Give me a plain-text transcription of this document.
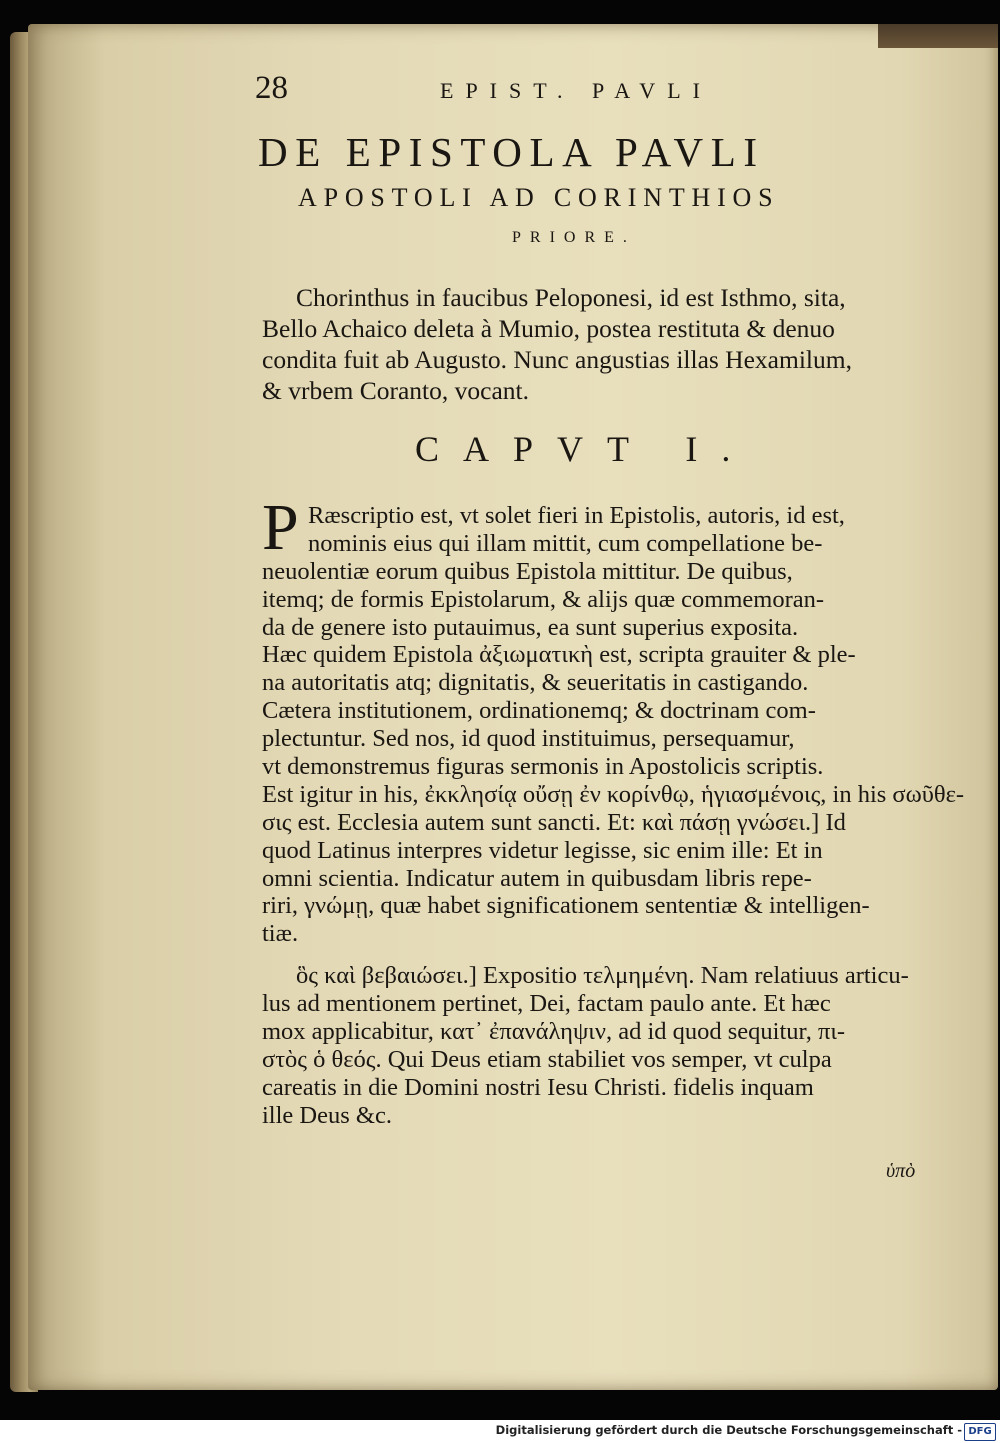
28	EPIST. PAVLI
DE EPISTOLA PAVLI
APOSTOLI AD CORINTHIOS
PRIORE.
Chorinthus in faucibus Peloponesi, id est Isthmo, sita,
Bello Achaico deleta à Mumio, postea restituta & denuo
condita fuit ab Augusto. Nunc angustias illas Hexamilum,
& vrbem Coranto, vocant.
CAPVT I.
P Ræscriptio est, vt solet fieri in Epistolis, autoris, id est,
nominis eius qui illam mittit, cum compellatione be-
neuolentiæ eorum quibus Epistola mittitur. De quibus,
itemq; de formis Epistolarum, & alijs quæ commemoran-
da de genere isto putauimus, ea sunt superius exposita.
Hæc quidem Epistola ἀξιωματικὴ est, scripta grauiter & ple-
na autoritatis atq; dignitatis, & seueritatis in castigando.
Cætera institutionem, ordinationemq; & doctrinam com-
plectuntur. Sed nos, id quod instituimus, persequamur,
vt demonstremus figuras sermonis in Apostolicis scriptis.
Est igitur in his, ἐκκλησίᾳ οὔσῃ ἐν κορίνθῳ, ἡγιασμένοις, in his σωῦθε-
σις est. Ecclesia autem sunt sancti. Et: καὶ πάσῃ γνώσει.] Id
quod Latinus interpres videtur legisse, sic enim ille: Et in
omni scientia. Indicatur autem in quibusdam libris repe-
riri, γνώμῃ, quæ habet significationem sententiæ & intelligen-
tiæ.
ὃς καὶ βεβαιώσει.] Expositio τελμημένη. Nam relatiuus articu-
lus ad mentionem pertinet, Dei, factam paulo ante. Et hæc
mox applicabitur, κατ᾽ ἐπανάληψιν, ad id quod sequitur, πι-
στὸς ὁ θεός. Qui Deus etiam stabiliet vos semper, vt culpa
careatis in die Domini nostri Iesu Christi. fidelis inquam
ille Deus &c.
ὑπὸ
Digitalisierung gefördert durch die Deutsche Forschungsgemeinschaft - DFG
